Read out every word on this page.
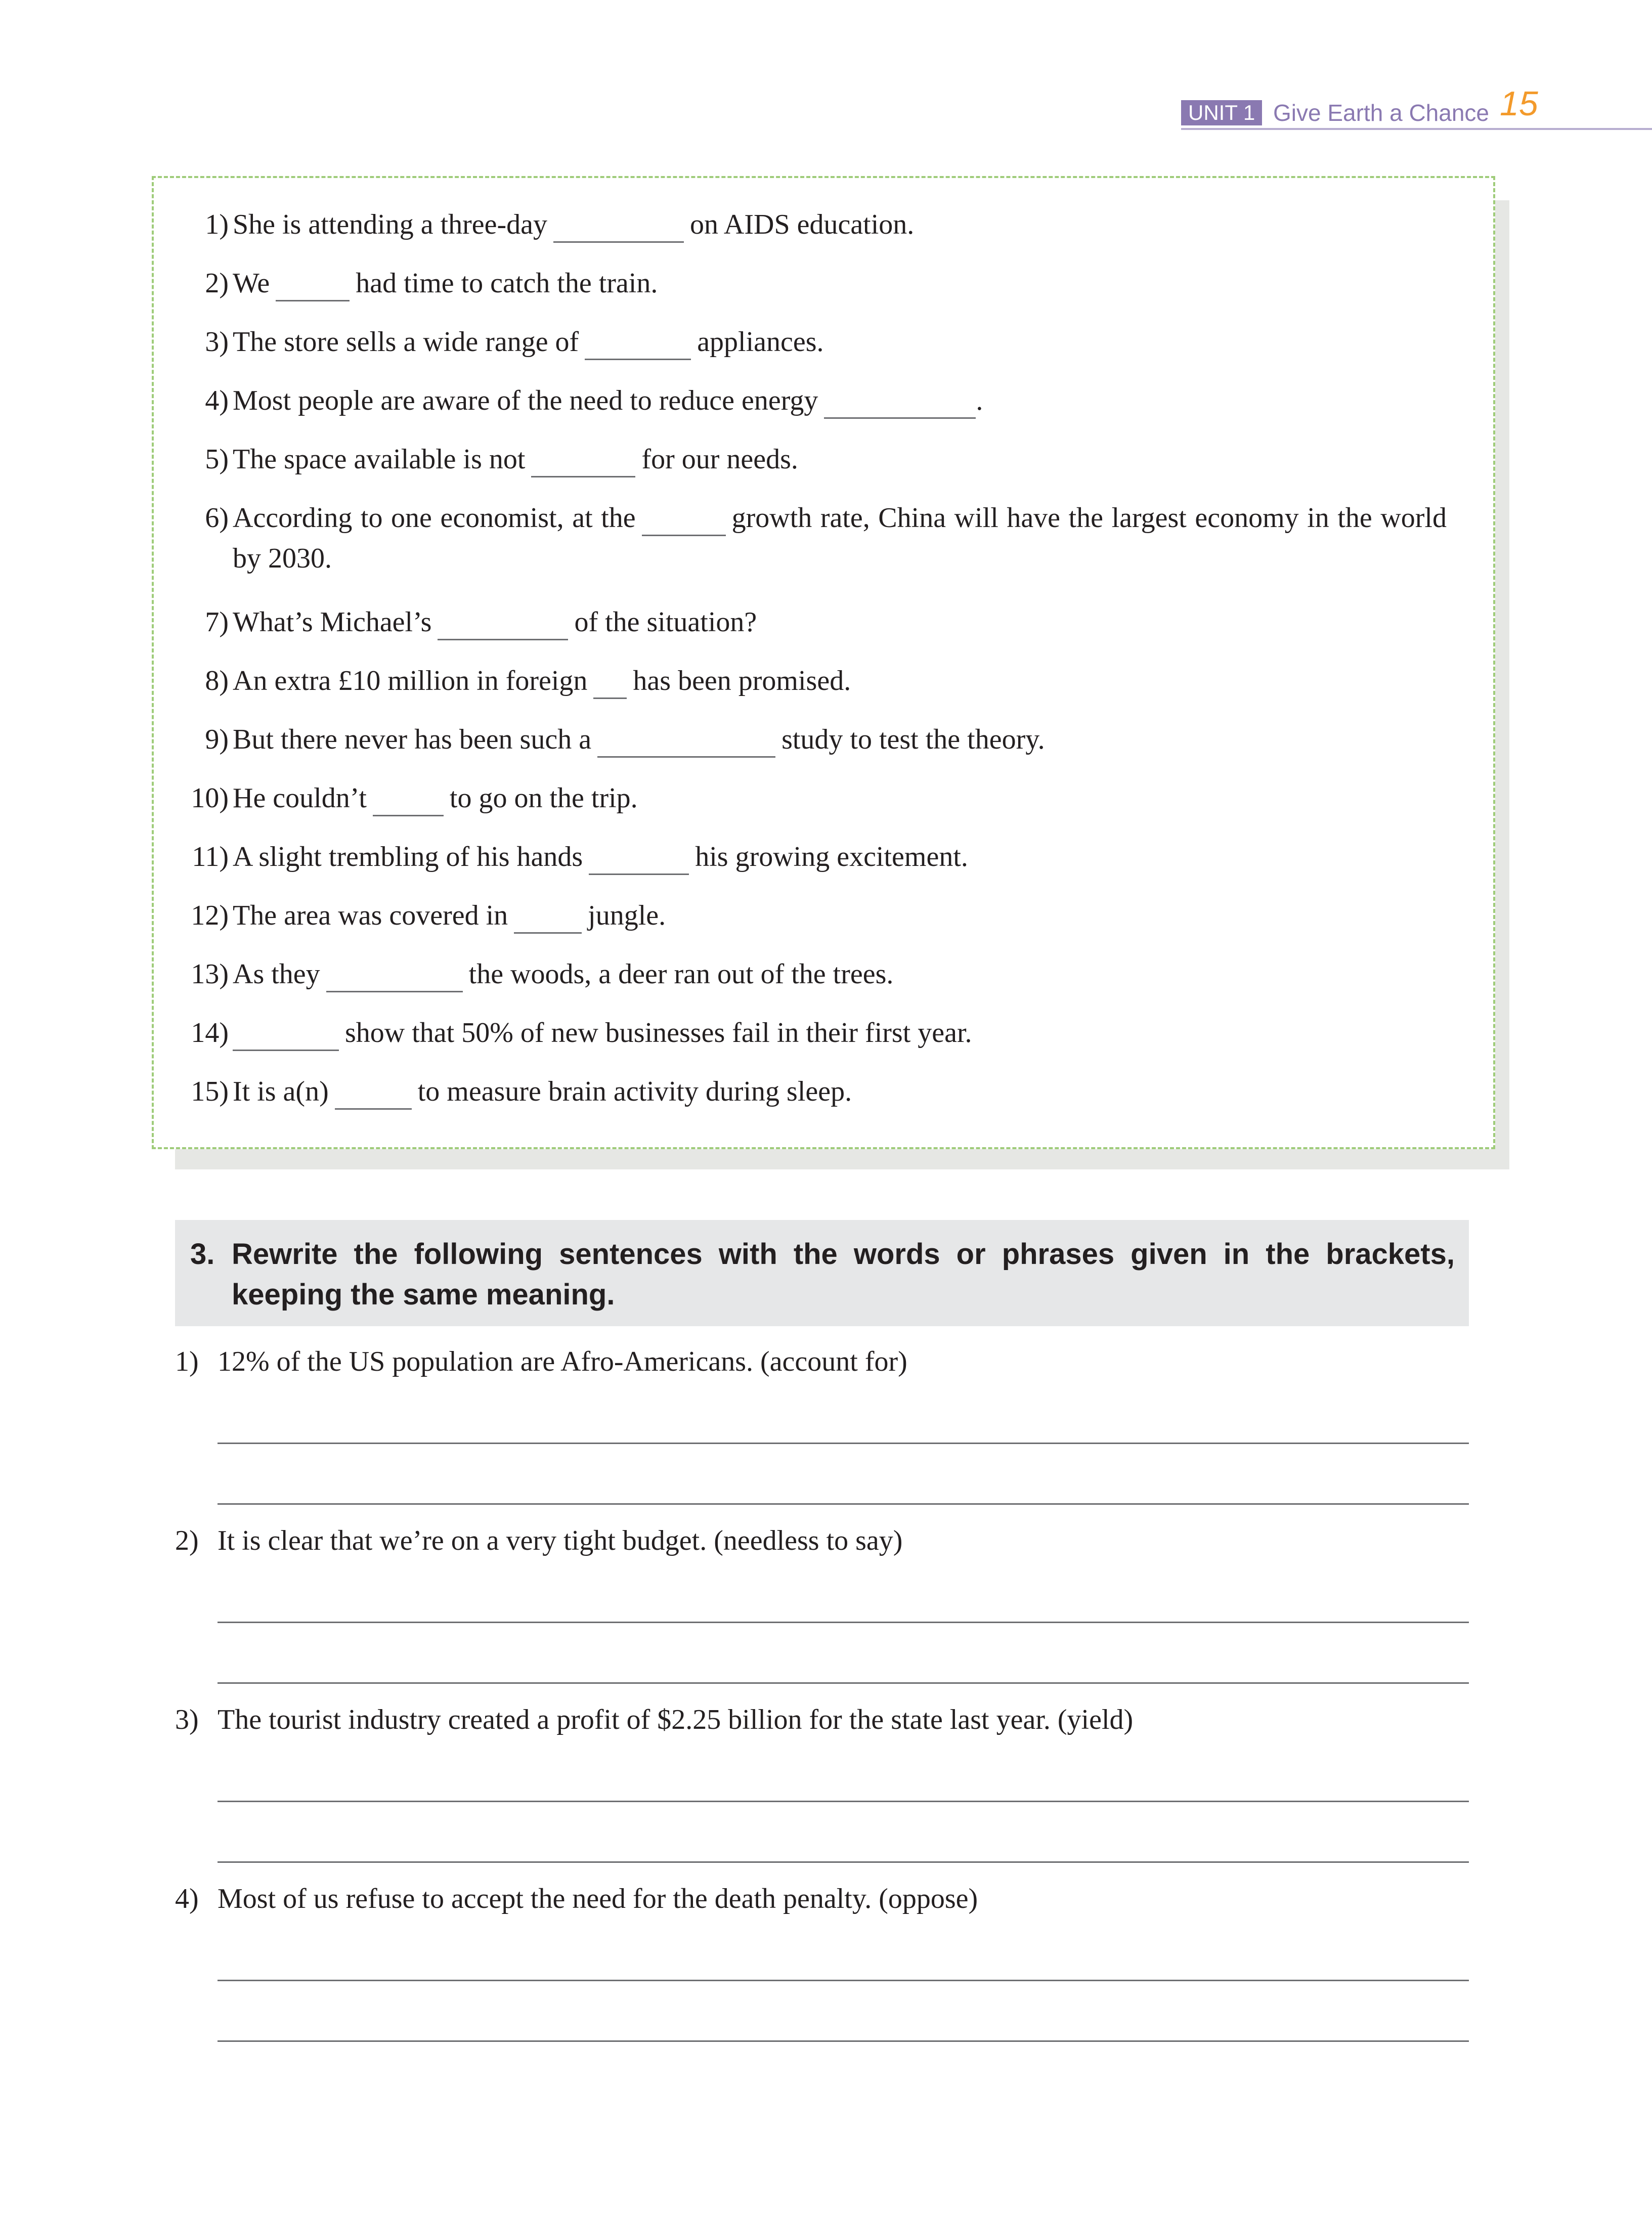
UNIT 1 Give Earth a Chance 15
1) She is attending a three-day	on AIDS education.
2) We	had time to catch the train.
3) The store sells a wide range of	appliances.
4) Most people are aware of the need to reduce energy	.
5) The space available is not	for our needs.
6) According to one economist, at the	growth rate, China will have the largest economy in the world by 2030.
7) What’s Michael’s	of the situation?
8) An extra £10 million in foreign has been promised.
9) But there never has been such a	study to test the theory.
10) He couldn’t	to go on the trip.
11) A slight trembling of his hands	his growing excitement.
12) The area was covered in	jungle.
13) As they	the woods, a deer ran out of the trees.
14)	show that 50% of new businesses fail in their first year.
15) It is a(n)	to measure brain activity during sleep.
3. Rewrite the following sentences with the words or phrases given in the brackets, keeping the same meaning.
1) 12% of the US population are Afro-Americans. (account for)
2) It is clear that we’re on a very tight budget. (needless to say)
3) The tourist industry created a profit of $2.25 billion for the state last year. (yield)
4) Most of us refuse to accept the need for the death penalty. (oppose)
